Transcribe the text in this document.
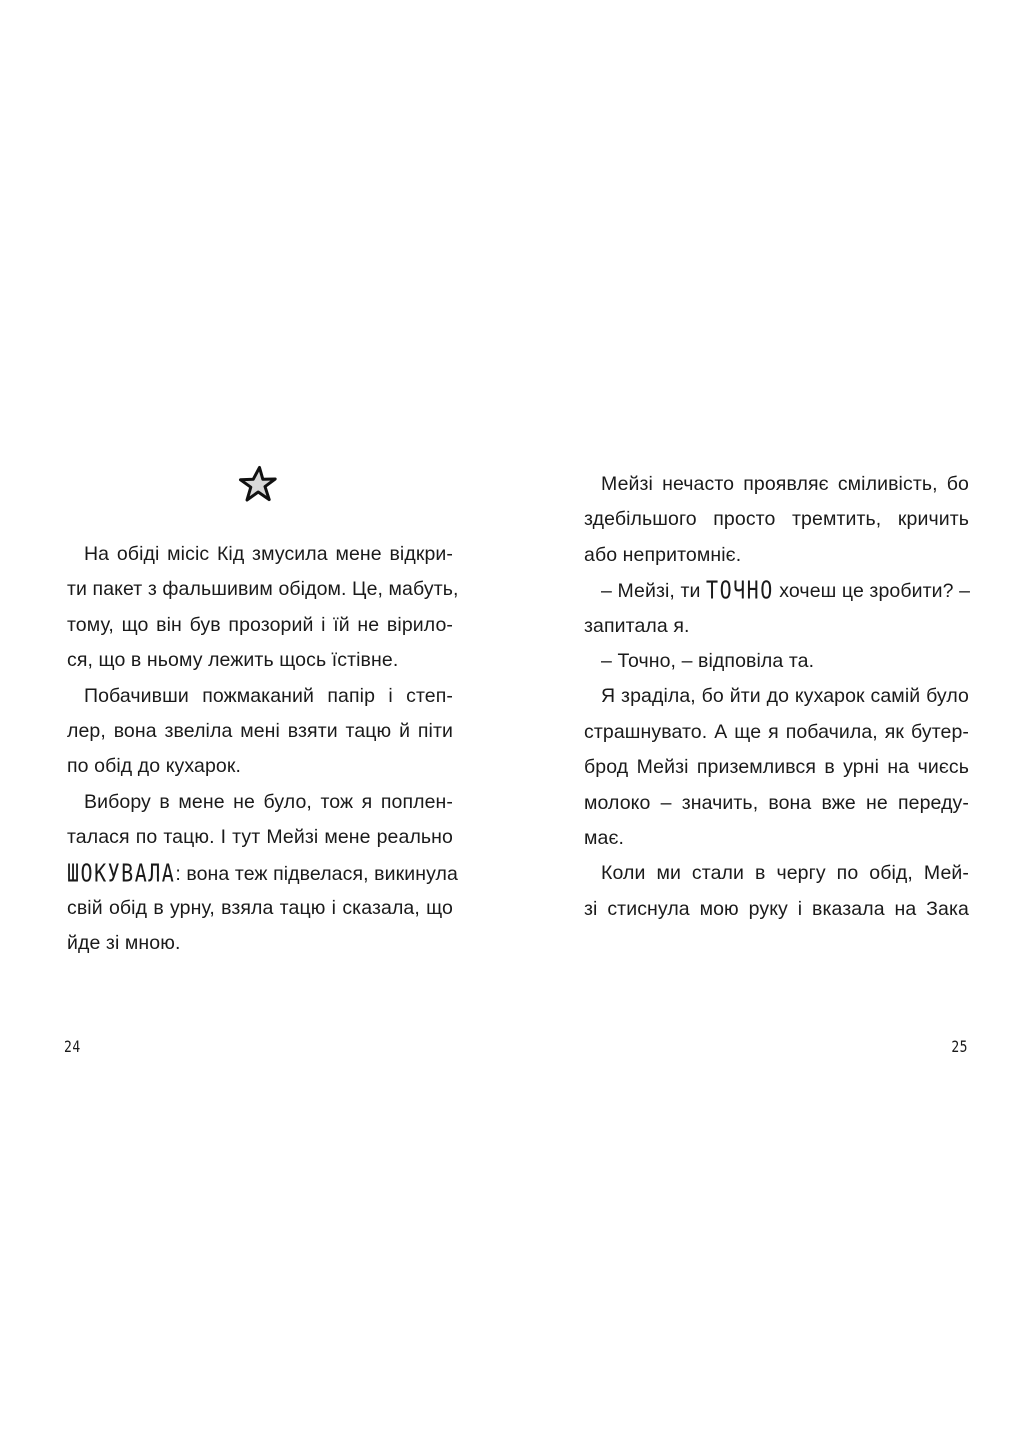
На обіді місіс Кід змусила мене відкри-
ти пакет з фальшивим обідом. Це, мабуть,
тому, що він був прозорий і їй не вірило-
ся, що в ньому лежить щось їстівне.
Побачивши пожмаканий папір і степ-
лер, вона звеліла мені взяти тацю й піти
по обід до кухарок.
Вибору в мене не було, тож я поплен-
талася по тацю. І тут Мейзі мене реально
ШОКУВАЛА: вона теж підвелася, викинула
свій обід в урну, взяла тацю і сказала, що
йде зі мною.
24
Мейзі нечасто проявляє сміливість, бо
здебільшого просто тремтить, кричить
або непритомніє.
– Мейзі, ти ТОЧНО хочеш це зробити? –
запитала я.
– Точно, – відповіла та.
Я зраділа, бо йти до кухарок самій було
страшнувато. А ще я побачила, як бутер-
брод Мейзі приземлився в урні на чиєсь
молоко – значить, вона вже не переду-
має.
Коли ми стали в чергу по обід, Мей-
зі стиснула мою руку і вказала на Зака
25
